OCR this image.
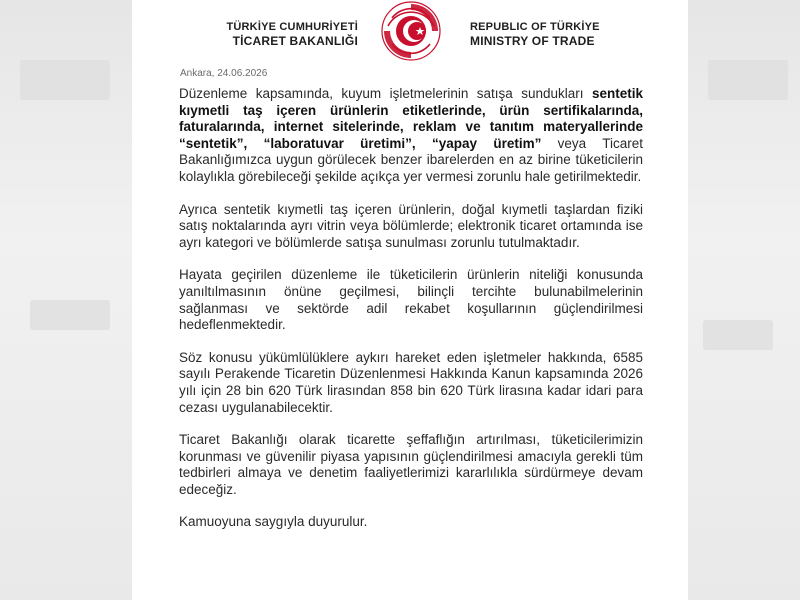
TÜRKİYE CUMHURİYETİ
TİCARET BAKANLIĞI
REPUBLIC OF TÜRKİYE
MINISTRY OF TRADE
Ankara, 24.06.2026

Düzenleme kapsamında, kuyum işletmelerinin satışa sundukları sentetik kıymetli taş içeren ürünlerin etiketlerinde, ürün sertifikalarında, faturalarında, internet sitelerinde, reklam ve tanıtım materyallerinde “sentetik”, “laboratuvar üretimi”, “yapay üretim” veya Ticaret Bakanlığımızca uygun görülecek benzer ibarelerden en az birine tüketicilerin kolaylıkla görebileceği şekilde açıkça yer vermesi zorunlu hale getirilmektedir.

Ayrıca sentetik kıymetli taş içeren ürünlerin, doğal kıymetli taşlardan fiziki satış noktalarında ayrı vitrin veya bölümlerde; elektronik ticaret ortamında ise ayrı kategori ve bölümlerde satışa sunulması zorunlu tutulmaktadır.

Hayata geçirilen düzenleme ile tüketicilerin ürünlerin niteliği konusunda yanıltılmasının önüne geçilmesi, bilinçli tercihte bulunabilmelerinin sağlanması ve sektörde adil rekabet koşullarının güçlendirilmesi hedeflenmektedir.

Söz konusu yükümlülüklere aykırı hareket eden işletmeler hakkında, 6585 sayılı Perakende Ticaretin Düzenlenmesi Hakkında Kanun kapsamında 2026 yılı için 28 bin 620 Türk lirasından 858 bin 620 Türk lirasına kadar idari para cezası uygulanabilecektir.

Ticaret Bakanlığı olarak ticarette şeffaflığın artırılması, tüketicilerimizin korunması ve güvenilir piyasa yapısının güçlendirilmesi amacıyla gerekli tüm tedbirleri almaya ve denetim faaliyetlerimizi kararlılıkla sürdürmeye devam edeceğiz.

Kamuoyuna saygıyla duyurulur.
